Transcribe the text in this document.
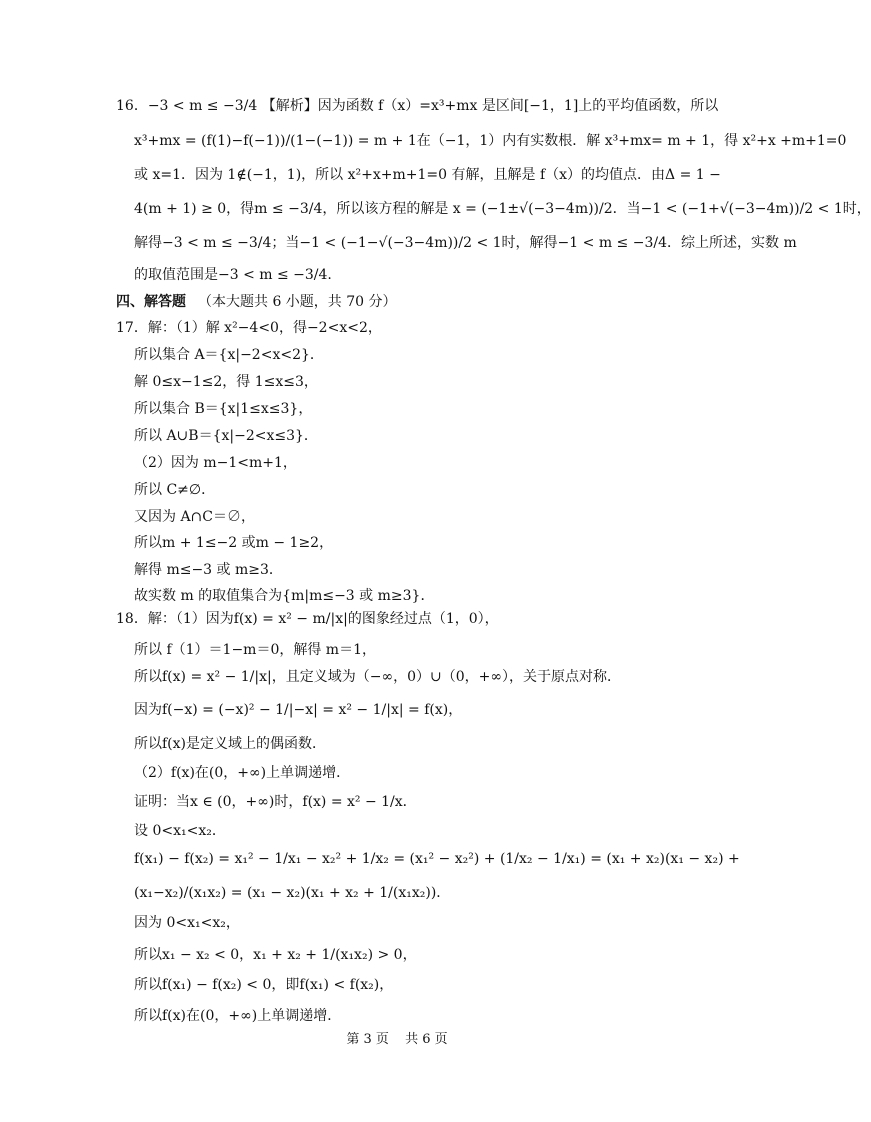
16．−3 < m ≤ −3/4 【解析】因为函数 f（x）=x³+mx 是区间[−1，1]上的平均值函数，所以
x³+mx = (f(1)−f(−1))/(1−(−1)) = m + 1在（−1，1）内有实数根．解 x³+mx= m + 1，得 x²+x +m+1=0
或 x=1．因为 1∉(−1，1)，所以 x²+x+m+1=0 有解，且解是 f（x）的均值点．由Δ = 1 −
4(m + 1) ≥ 0，得m ≤ −3/4，所以该方程的解是 x = (−1±√(−3−4m))/2．当−1 < (−1+√(−3−4m))/2 < 1时，
解得−3 < m ≤ −3/4；当−1 < (−1−√(−3−4m))/2 < 1时，解得−1 < m ≤ −3/4．综上所述，实数 m
的取值范围是−3 < m ≤ −3/4.
四、解答题 （本大题共 6 小题，共 70 分）
17．解：（1）解 x²−4<0，得−2<x<2，
所以集合 A＝{x|−2<x<2}．
解 0≤x−1≤2，得 1≤x≤3，
所以集合 B＝{x|1≤x≤3}，
所以 A∪B＝{x|−2<x≤3}．
（2）因为 m−1<m+1，
所以 C≠∅．
又因为 A∩C＝∅，
所以m + 1≤−2 或m − 1≥2，
解得 m≤−3 或 m≥3．
故实数 m 的取值集合为{m|m≤−3 或 m≥3}．
18．解：（1）因为f(x) = x² − m/|x|的图象经过点（1，0），
所以 f（1）＝1−m＝0，解得 m＝1，
所以f(x) = x² − 1/|x|，且定义域为（−∞，0）∪（0，+∞），关于原点对称．
因为f(−x) = (−x)² − 1/|−x| = x² − 1/|x| = f(x)，
所以f(x)是定义域上的偶函数．
（2）f(x)在(0，+∞)上单调递增．
证明：当x ∈ (0，+∞)时，f(x) = x² − 1/x．
设 0<x₁<x₂．
f(x₁) − f(x₂) = x₁² − 1/x₁ − x₂² + 1/x₂ = (x₁² − x₂²) + (1/x₂ − 1/x₁) = (x₁ + x₂)(x₁ − x₂) +
(x₁−x₂)/(x₁x₂) = (x₁ − x₂)(x₁ + x₂ + 1/(x₁x₂))．
因为 0<x₁<x₂，
所以x₁ − x₂ < 0，x₁ + x₂ + 1/(x₁x₂) > 0，
所以f(x₁) − f(x₂) < 0，即f(x₁) < f(x₂)，
所以f(x)在(0，+∞)上单调递增．
第 3 页 共 6 页
